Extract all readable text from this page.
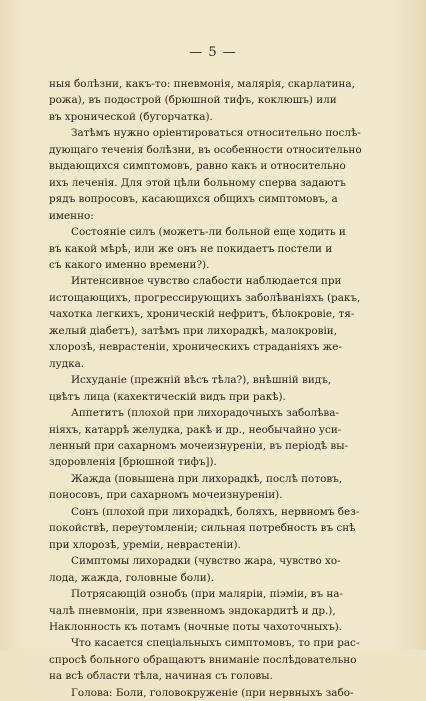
— 5 —

ныя болѣзни, какъ-то: пневмонія, малярія, скарлатина,

рожа), въ подострой (брюшной тифъ, коклюшъ) или

въ хронической (бугорчатка).

Затѣмъ нужно оріентироваться относительно послѣ-

дующаго теченія болѣзни, въ особенности относительно

выдающихся симптомовъ, равно какъ и относительно

ихъ леченія. Для этой цѣли больному сперва задаютъ

рядъ вопросовъ, касающихся общихъ симптомовъ, а

именно:

Состояніе силъ (можетъ-ли больной еще ходить и

въ какой мѣрѣ, или же онъ не покидаетъ постели и

съ какого именно времени?).

Интенсивное чувство слабости наблюдается при

истощающихъ, прогрессирующихъ заболѣваніяхъ (ракъ,

чахотка легкихъ, хроническій нефритъ, бѣлокровіе, тя-

желый діабетъ), затѣмъ при лихорадкѣ, малокровіи,

хлорозѣ, неврастеніи, хроническихъ страданіяхъ же-

лудка.

Исхуданіе (прежній вѣсъ тѣла?), внѣшній видъ,

цвѣтъ лица (кахектическій видъ при ракѣ).

Аппетитъ (плохой при лихорадочныхъ заболѣва-

ніяхъ, катаррѣ желудка, ракѣ и др., необычайно уси-

ленный при сахарномъ мочеизнуреніи, въ періодѣ вы-

здоровленія [брюшной тифъ]).

Жажда (повышена при лихорадкѣ, послѣ потовъ,

поносовъ, при сахарномъ мочеизнуреніи).

Сонъ (плохой при лихорадкѣ, боляхъ, нервномъ без-

покойствѣ, переутомленіи; сильная потребность въ снѣ

при хлорозѣ, уреміи, неврастеніи).

Симптомы лихорадки (чувство жара, чувство хо-

лода, жажда, головные боли).

Потрясающій ознобъ (при маляріи, піэміи, въ на-

чалѣ пневмоніи, при язвенномъ эндокардитѣ и др.),

Наклонность къ потамъ (ночные поты чахоточныхъ).

Что касается спеціальныхъ симптомовъ, то при рас-

спросѣ больного обращаютъ вниманіе послѣдовательно

на всѣ области тѣла, начиная съ головы.

Голова: Боли, головокруженіе (при нервныхъ забо-
